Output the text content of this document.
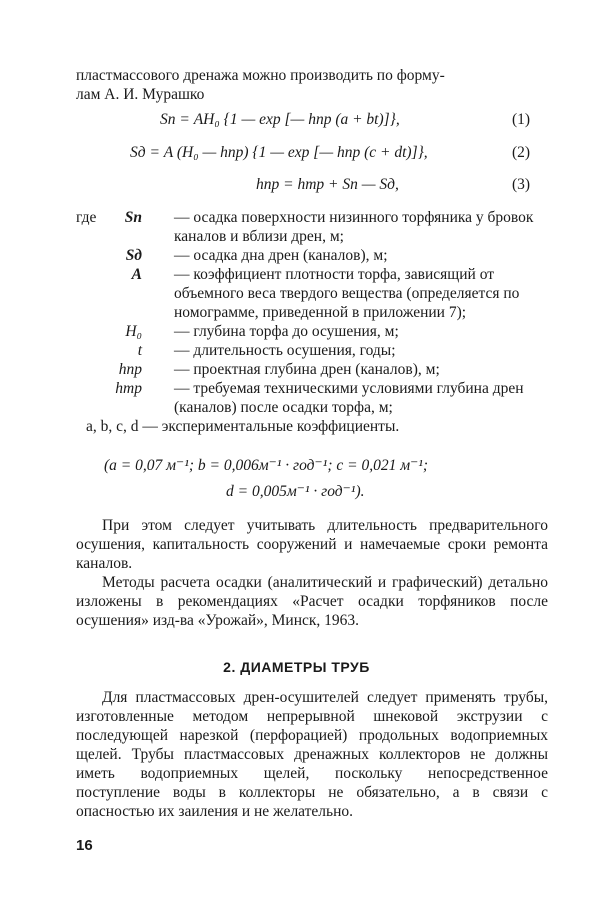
пластмассового дренажа можно производить по форму-
лам А. И. Мурашко
Sп = AH₀ {1 — exp [— hпр (a + bt)]},	(1)
Sд = A (H₀ — hпр) {1 — exp [— hпр (c + dt)]},	(2)
hпр = hтр + Sп — Sд,	(3)
где	Sп — осадка поверхности низинного торфяника у бровок каналов и вблизи дрен, м;
Sд — осадка дна дрен (каналов), м;
A — коэффициент плотности торфа, зависящий от объемного веса твердого вещества (определяется по номограмме, приведенной в приложении 7);
H₀ — глубина торфа до осушения, м;
t — длительность осушения, годы;
hпр — проектная глубина дрен (каналов), м;
hтр — требуемая техническими условиями глубина дрен (каналов) после осадки торфа, м;
a, b, c, d — экспериментальные коэффициенты.
(a = 0,07 м⁻¹; b = 0,006м⁻¹ · год⁻¹; c = 0,021 м⁻¹;
d = 0,005м⁻¹ · год⁻¹).
При этом следует учитывать длительность предварительного осушения, капитальность сооружений и намечаемые сроки ремонта каналов.
Методы расчета осадки (аналитический и графический) детально изложены в рекомендациях «Расчет осадки торфяников после осушения» изд-ва «Урожай», Минск, 1963.
2. ДИАМЕТРЫ ТРУБ
Для пластмассовых дрен-осушителей следует применять трубы, изготовленные методом непрерывной шнековой экструзии с последующей нарезкой (перфорацией) продольных водоприемных щелей. Трубы пластмассовых дренажных коллекторов не должны иметь водоприемных щелей, поскольку непосредственное поступление воды в коллекторы не обязательно, а в связи с опасностью их заиления и не желательно.
16
